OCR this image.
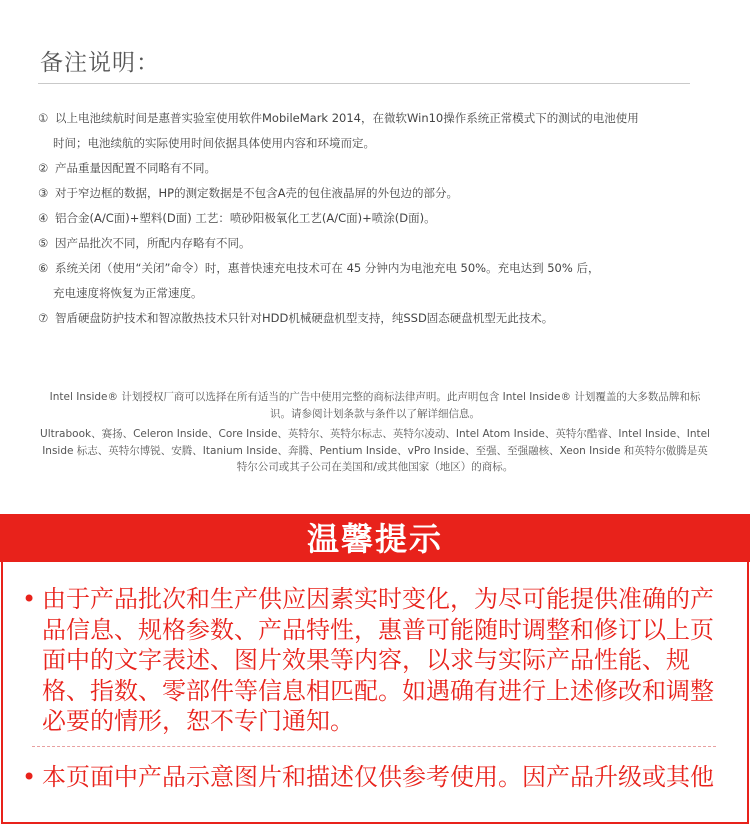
备注说明：
① 以上电池续航时间是惠普实验室使用软件MobileMark 2014，在微软Win10操作系统正常模式下的测试的电池使用
时间；电池续航的实际使用时间依据具体使用内容和环境而定。
② 产品重量因配置不同略有不同。
③ 对于窄边框的数据，HP的测定数据是不包含A壳的包住液晶屏的外包边的部分。
④ 铝合金(A/C面)+塑料(D面) 工艺：喷砂阳极氧化工艺(A/C面)+喷涂(D面)。
⑤ 因产品批次不同，所配内存略有不同。
⑥ 系统关闭（使用“关闭”命令）时，惠普快速充电技术可在 45 分钟内为电池充电 50%。充电达到 50% 后，
充电速度将恢复为正常速度。
⑦ 智盾硬盘防护技术和智凉散热技术只针对HDD机械硬盘机型支持，纯SSD固态硬盘机型无此技术。
Intel Inside® 计划授权厂商可以选择在所有适当的广告中使用完整的商标法律声明。此声明包含 Intel Inside® 计划覆盖的大多数品牌和标识。请参阅计划条款与条件以了解详细信息。
Ultrabook、赛扬、Celeron Inside、Core Inside、英特尔、英特尔标志、英特尔凌动、Intel Atom Inside、英特尔酷睿、Intel Inside、Intel Inside 标志、英特尔博锐、安腾、Itanium Inside、奔腾、Pentium Inside、vPro Inside、至强、至强融核、Xeon Inside 和英特尔傲腾是英特尔公司或其子公司在美国和/或其他国家（地区）的商标。
温馨提示
• 由于产品批次和生产供应因素实时变化，为尽可能提供准确的产品信息、规格参数、产品特性，惠普可能随时调整和修订以上页面中的文字表述、图片效果等内容，以求与实际产品性能、规格、指数、零部件等信息相匹配。如遇确有进行上述修改和调整必要的情形，恕不专门通知。
• 本页面中产品示意图片和描述仅供参考使用。因产品升级或其他
